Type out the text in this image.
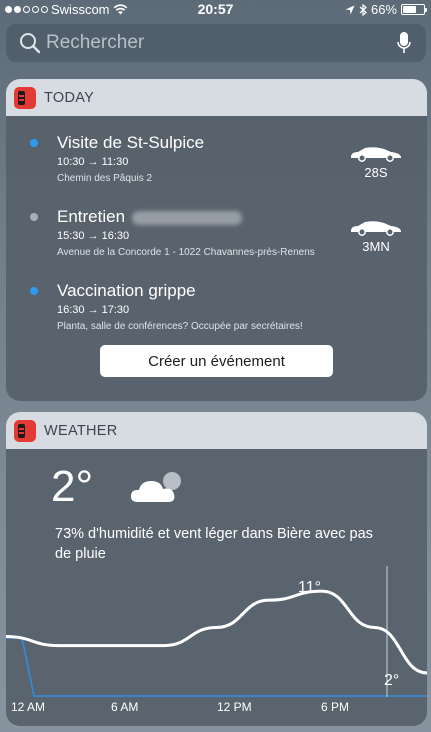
Swisscom	20:57	66%
Rechercher
TODAY
Visite de St-Sulpice
10:30 → 11:30
Chemin des Pâquis 2	28S
Entretien
15:30 → 16:30
Avenue de la Concorde 1 - 1022 Chavannes-près-Renens	3MN
Vaccination grippe
16:30 → 17:30
Planta, salle de conférences? Occupée par secrétaires!
Créer un événement
WEATHER
2°
73% d'humidité et vent léger dans Bière avec pas de pluie
11°
2°
12 AM	6 AM	12 PM	6 PM
